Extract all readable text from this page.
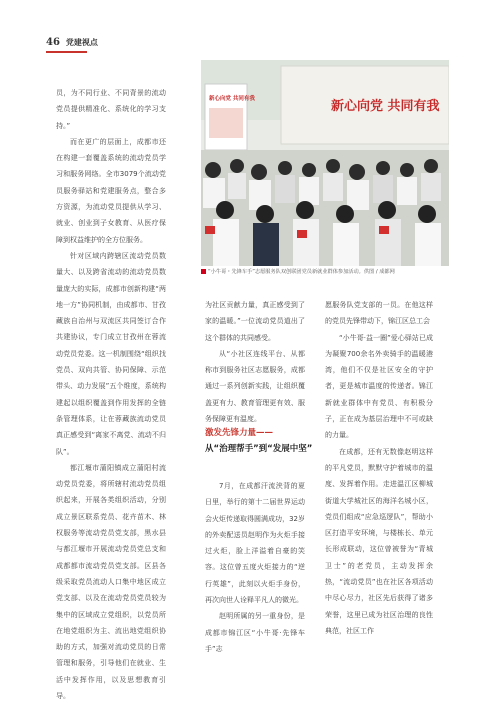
46 党建视点

员，为不同行业、不同背景的流动党员提供精准化、系统化的学习支持。”

而在更广的层面上，成都市还在构建一套覆盖系统的流动党员学习和服务网络。全市3079个流动党员服务驿站和党建服务点，整合多方资源，为流动党员提供从学习、就业、创业到子女教育、从医疗保障到权益维护的全方位服务。

针对区域内跨辖区流动党员数量大、以及跨省流动的流动党员数量庞大的实际，成都市创新构建“两地一方”协同机制，由成都市、甘孜藏族自治州与双流区共同签订合作共建协议，专门成立甘孜州在蓉流动党员党委。这一机制围绕“组织找党员、双向共管、协同保障、示范带头、动力发展”五个维度，系统构建起以组织覆盖到作用发挥的全链条管理体系，让在蓉藏族流动党员真正感受到“离家不离党、流动不归队”。

都江堰市蒲阳镇成立蒲阳村流动党员党委，将所辖村流动党员组织起来，开展各类组织活动，分别成立景区联系党员、花卉苗木、林权服务等流动党员党支部，黑水县与都江堰市开展流动党员党总支和成都都市流动党员党支部。区县各级采取党员流动人口集中地区成立党支部、以及在流动党员党员较为集中的区域成立党组织，以党员所在地党组织为主、流出地党组织协助的方式，加强对流动党员的日常管理和服务，引导他们在就业、生活中发挥作用，以及思想教育引导。

新心向党 共同有我
新心向党 共同有我
“小牛哥・先锋车手”志愿服务队双创联团党员新就业群体参加活动。供图 / 成都网

为社区贡献力量，真正感受到了家的温暖。”一位流动党员道出了这个群体的共同感受。

从“小社区连线平台、从都称市到服务社区志愿服务，成都通过一系列创新实践，让组织覆盖更有力、教育管理更有效、服务保障更有温度。

激发先锋力量——
从“治理帮手”到“发展中坚”

7月，在成都汗流浃背的夏日里，举行的第十二届世界运动会火炬传递取得圆满成功，32岁的外卖配送员赵明作为火炬手接过火炬，脸上洋溢着自豪的笑容。这位曾五度火炬接力的“逆行英雄”，此刻以火炬手身份，再次向世人诠释平凡人的微光。

赵明所属的另一重身份，是成都市锦江区“小牛哥·先锋车手”志

愿服务队党支部的一员。在他这样的党员先锋带动下，锦江区总工会

“小牛哥·益一圈”爱心驿站已成为凝聚700余名外卖骑手的温暖港湾，他们不仅是社区安全的守护者，更是城市温度的传递者。锦江新就业群体中有党员、有积极分子，正在成为基层治理中不可或缺的力量。

在成都，还有无数像赵明这样的平凡党员，默默守护着城市的温度、发挥着作用。走进温江区柳城街道大学城社区的海洋名城小区，党员们组成“应急巡逻队”，帮助小区打造平安环境，与楼栋长、单元长形成联动，这位曾被誉为“青城卫士”的老党员，主动发挥余热，“流动党员”也在社区各项活动中尽心尽力，社区先后获得了诸多荣誉，这里已成为社区治理的良性典范，社区工作
